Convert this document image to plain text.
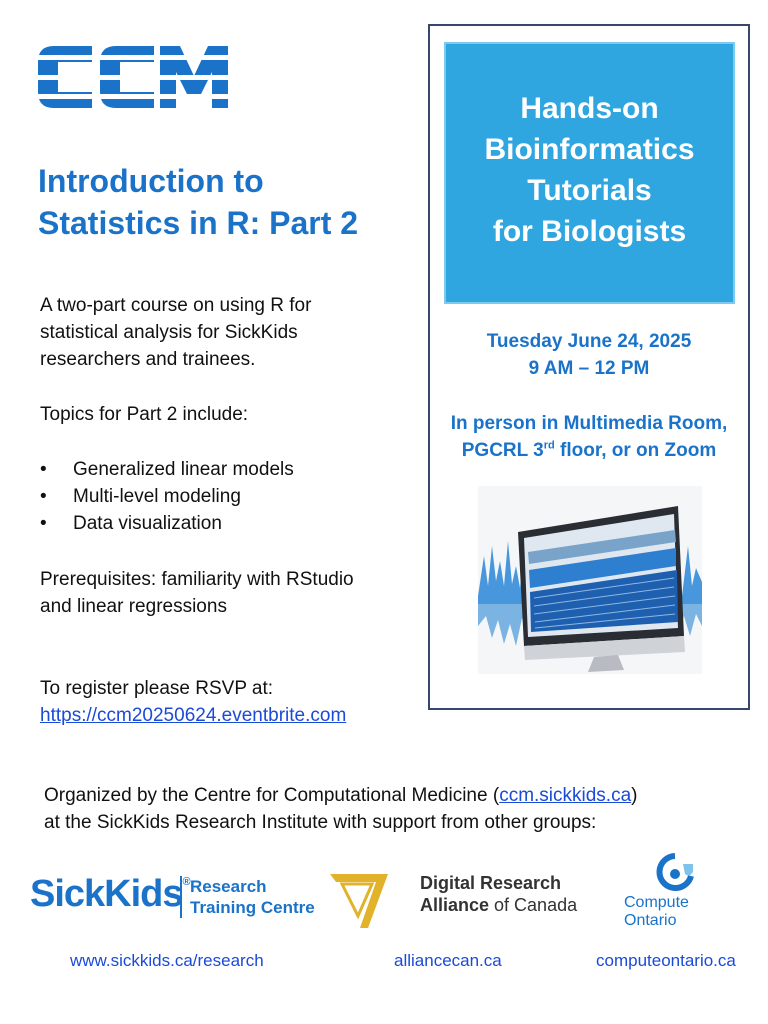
Introduction to
Statistics in R: Part 2
A two-part course on using R for
statistical analysis for SickKids
researchers and trainees.
Topics for Part 2 include:
• Generalized linear models
• Multi-level modeling
• Data visualization
Prerequisites: familiarity with RStudio
and linear regressions
To register please RSVP at:
https://ccm20250624.eventbrite.com
Hands-on
Bioinformatics
Tutorials
for Biologists
Tuesday June 24, 2025
9 AM – 12 PM
In person in Multimedia Room,
PGCRL 3rd floor, or on Zoom
Organized by the Centre for Computational Medicine (ccm.sickkids.ca)
at the SickKids Research Institute with support from other groups:
SickKids® Research
Training Centre
Digital Research
Alliance of Canada	Compute
Ontario
www.sickkids.ca/research	alliancecan.ca	computeontario.ca
